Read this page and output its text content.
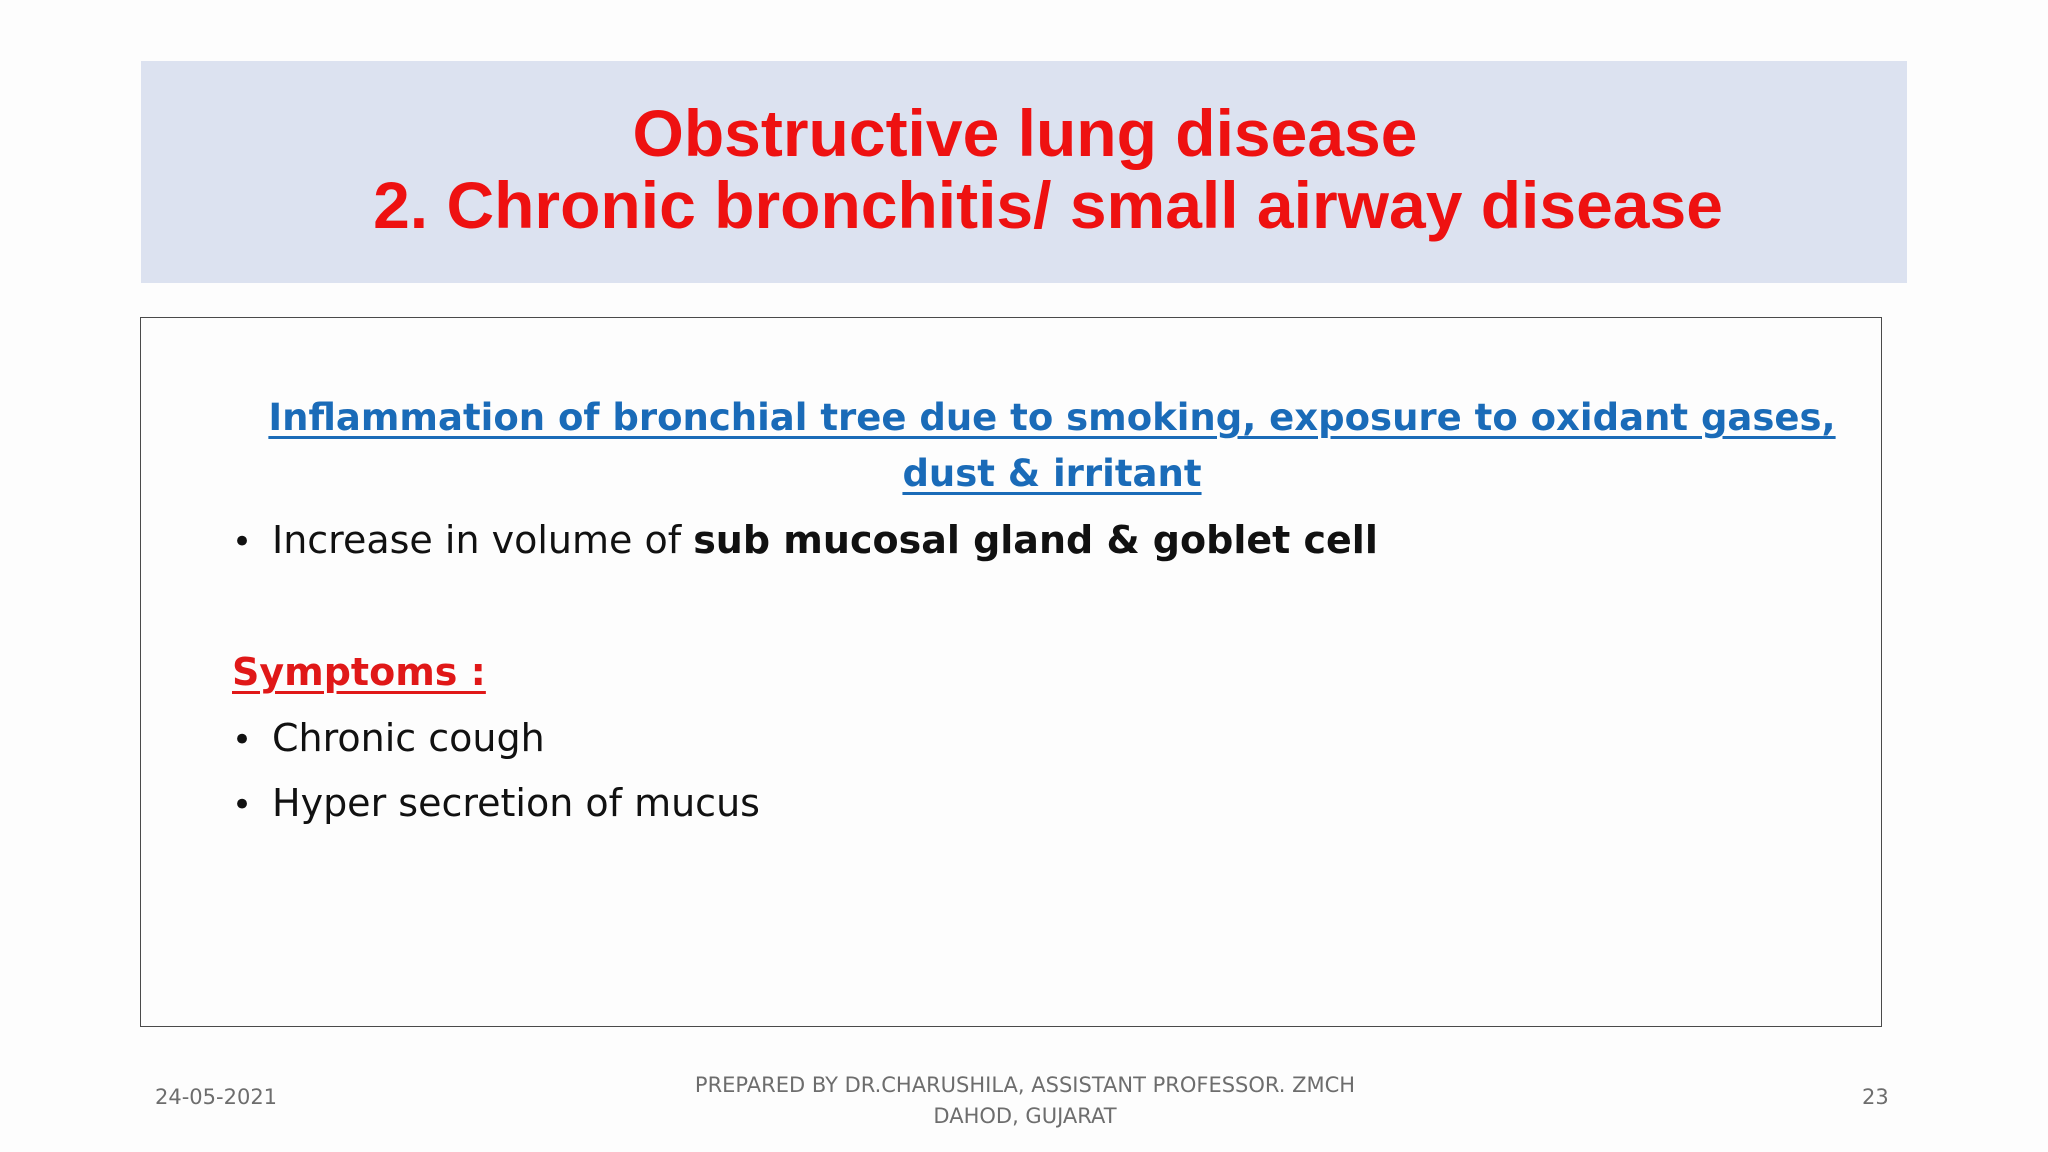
Obstructive lung disease
2. Chronic bronchitis/ small airway disease
Inflammation of bronchial tree due to smoking, exposure to oxidant gases,
dust & irritant
• Increase in volume of sub mucosal gland & goblet cell
Symptoms :
• Chronic cough
• Hyper secretion of mucus
24-05-2021	PREPARED BY DR.CHARUSHILA, ASSISTANT PROFESSOR. ZMCH
DAHOD, GUJARAT
23
